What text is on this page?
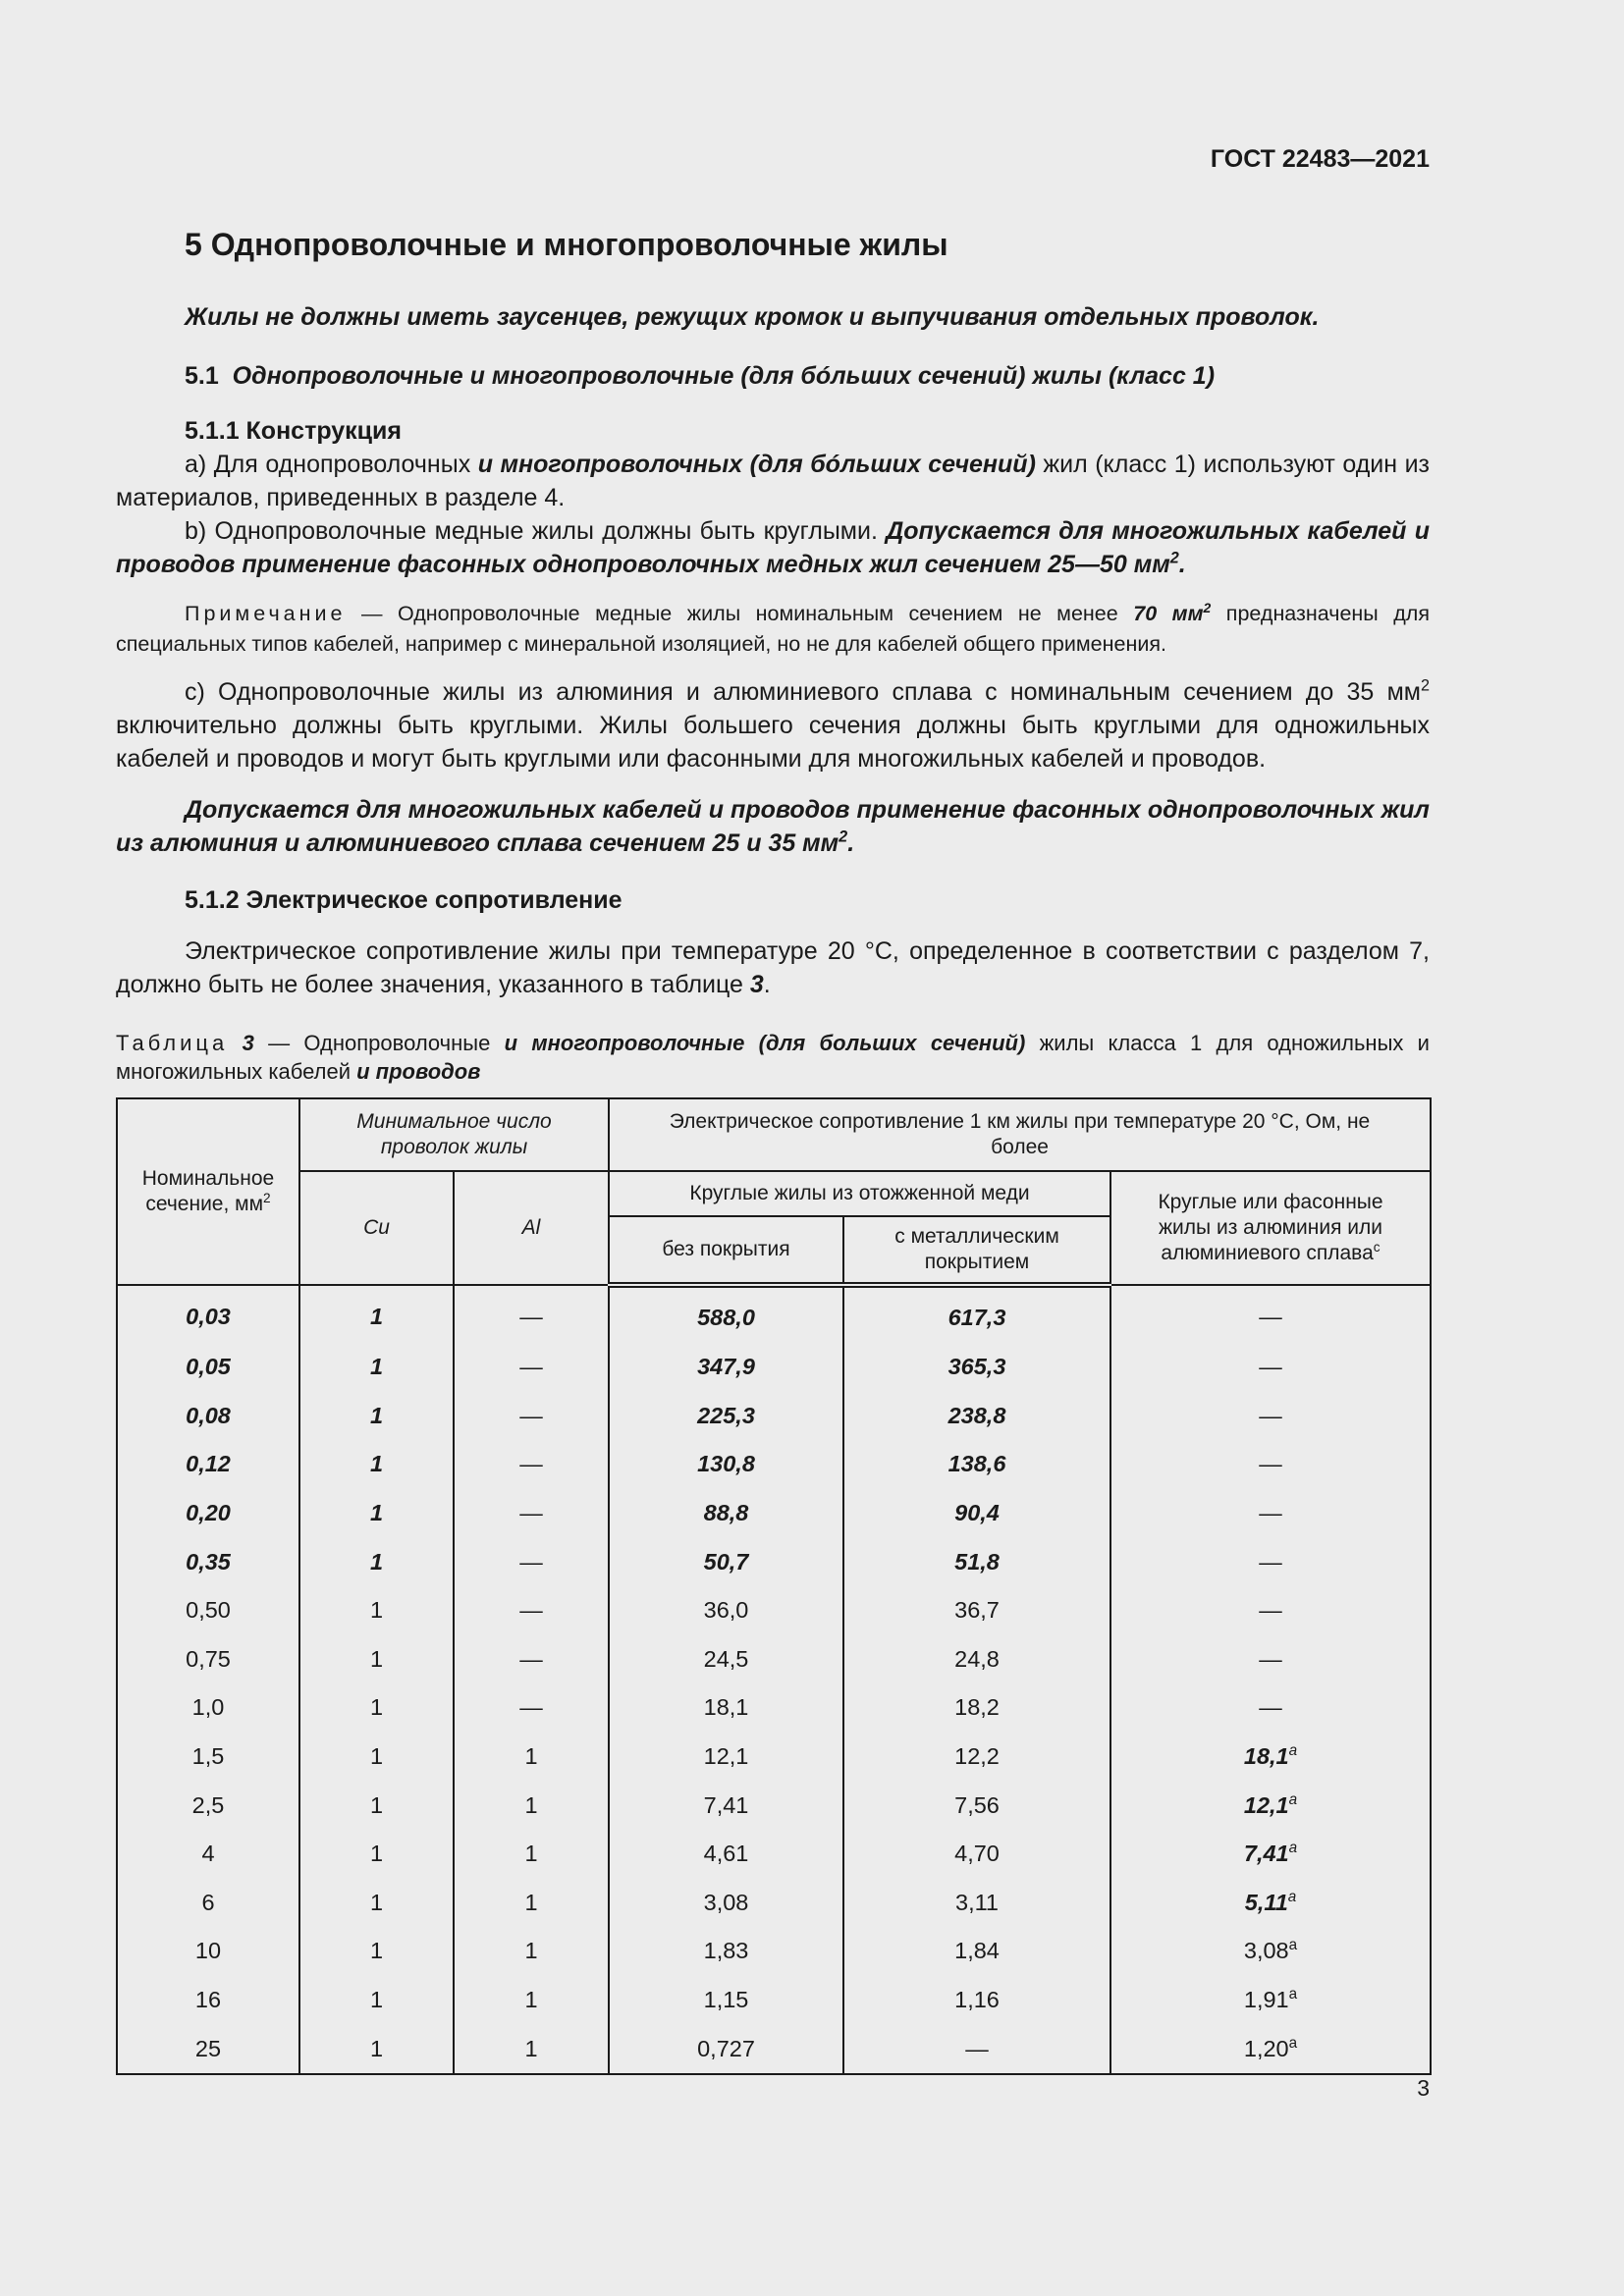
ГОСТ 22483—2021
5 Однопроволочные и многопроволочные жилы
Жилы не должны иметь заусенцев, режущих кромок и выпучивания отдельных проволок.
5.1 Однопроволочные и многопроволочные (для бóльших сечений) жилы (класс 1)
5.1.1 Конструкция

a) Для однопроволочных и многопроволочных (для бóльших сечений) жил (класс 1) используют один из материалов, приведенных в разделе 4.

b) Однопроволочные медные жилы должны быть круглыми. Допускается для многожильных кабелей и проводов применение фасонных однопроволочных медных жил сечением 25—50 $мм^2$.

Примечание — Однопроволочные медные жилы номинальным сечением не менее 70 $мм^2$ предназначены для специальных типов кабелей, например с минеральной изоляцией, но не для кабелей общего применения.

c) Однопроволочные жилы из алюминия и алюминиевого сплава с номинальным сечением до 35 $мм^2$ включительно должны быть круглыми. Жилы большего сечения должны быть круглыми для одножильных кабелей и проводов и могут быть круглыми или фасонными для многожильных кабелей и проводов.

Допускается для многожильных кабелей и проводов применение фасонных однопроволочных жил из алюминия и алюминиевого сплава сечением 25 и 35 $мм^2$.

5.1.2 Электрическое сопротивление

Электрическое сопротивление жилы при температуре 20 °C, определенное в соответствии с разделом 7, должно быть не более значения, указанного в таблице 3.

Таблица 3 — Однопроволочные и многопроволочные (для больших сечений) жилы класса 1 для одножильных и многожильных кабелей и проводов

Номинальное сечение, $мм^2$	Минимальное число проволок жилы		Электрическое сопротивление 1 км жилы при температуре 20 °С, Ом, не более		
	Cu	Al	Круглые жилы из отожженной меди		Круглые или фасонные жилы из алюминия или алюминиевого сплава$^c$
			без покрытия	с металлическим покрытием	
0,03	1	—	588,0	617,3	—
0,05	1	—	347,9	365,3	—
0,08	1	—	225,3	238,8	—
0,12	1	—	130,8	138,6	—
0,20	1	—	88,8	90,4	—
0,35	1	—	50,7	51,8	—
0,50	1	—	36,0	36,7	—
0,75	1	—	24,5	24,8	—
1,0	1	—	18,1	18,2	—
1,5	1	1	12,1	12,2	18,1$^a$
2,5	1	1	7,41	7,56	12,1$^a$
4	1	1	4,61	4,70	7,41$^a$
6	1	1	3,08	3,11	5,11$^a$
10	1	1	1,83	1,84	3,08$^a$
16	1	1	1,15	1,16	1,91$^a$
25	1	1	0,727	—	1,20$^a$
3
